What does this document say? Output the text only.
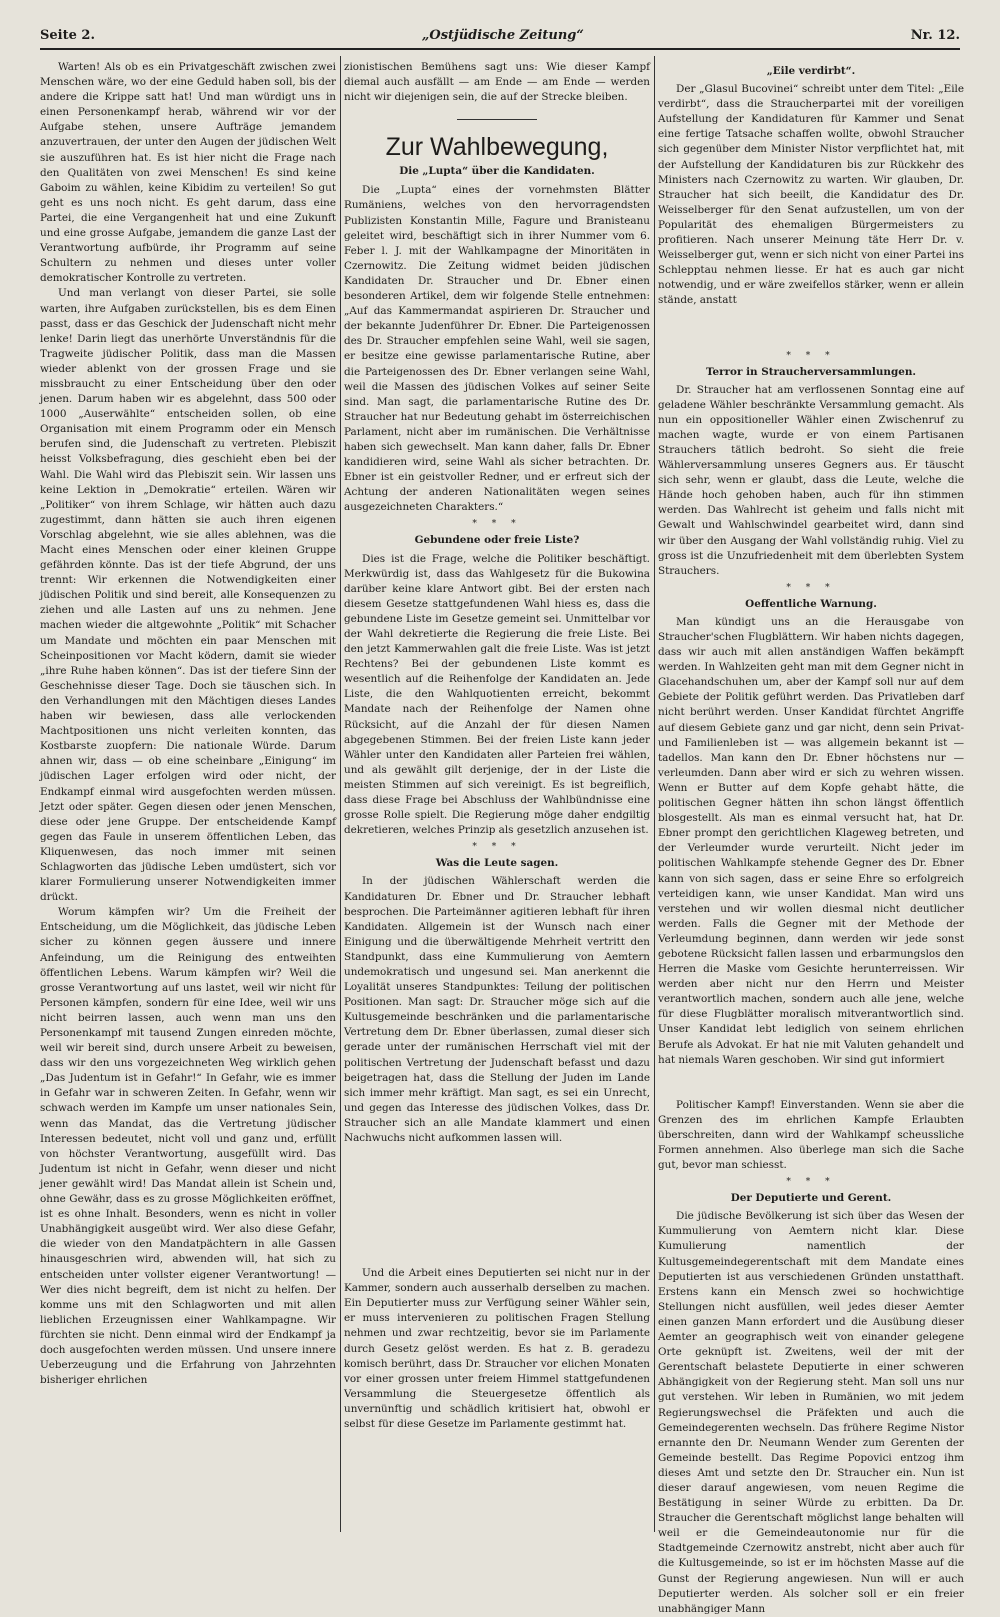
Seite 2.	„Ostjüdische Zeitung“	Nr. 12.

Warten! Als ob es ein Privatgeschäft zwischen zwei Menschen wäre, wo der eine Geduld haben soll, bis der andere die Krippe satt hat! Und man würdigt uns in einen Personenkampf herab, während wir vor der Aufgabe stehen, unsere Aufträge jemandem anzuvertrauen, der unter den Augen der jüdischen Welt sie auszuführen hat. Es ist hier nicht die Frage nach den Qualitäten von zwei Menschen! Es sind keine Gaboim zu wählen, keine Kibidim zu verteilen! So gut geht es uns noch nicht. Es geht darum, dass eine Partei, die eine Vergangenheit hat und eine Zukunft und eine grosse Aufgabe, jemandem die ganze Last der Verantwortung aufbürde, ihr Programm auf seine Schultern zu nehmen und dieses unter voller demokratischer Kontrolle zu vertreten.

Und man verlangt von dieser Partei, sie solle warten, ihre Aufgaben zurückstellen, bis es dem Einen passt, dass er das Geschick der Judenschaft nicht mehr lenke! Darin liegt das unerhörte Unverständnis für die Tragweite jüdischer Politik, dass man die Massen wieder ablenkt von der grossen Frage und sie missbraucht zu einer Entscheidung über den oder jenen. Darum haben wir es abgelehnt, dass 500 oder 1000 „Auserwählte“ entscheiden sollen, ob eine Organisation mit einem Programm oder ein Mensch berufen sind, die Judenschaft zu vertreten. Plebiszit heisst Volksbefragung, dies geschieht eben bei der Wahl. Die Wahl wird das Plebiszit sein. Wir lassen uns keine Lektion in „Demokratie“ erteilen. Wären wir „Politiker“ von ihrem Schlage, wir hätten auch dazu zugestimmt, dann hätten sie auch ihren eigenen Vorschlag abgelehnt, wie sie alles ablehnen, was die Macht eines Menschen oder einer kleinen Gruppe gefährden könnte. Das ist der tiefe Abgrund, der uns trennt: Wir erkennen die Notwendigkeiten einer jüdischen Politik und sind bereit, alle Konsequenzen zu ziehen und alle Lasten auf uns zu nehmen. Jene machen wieder die altgewohnte „Politik“ mit Schacher um Mandate und möchten ein paar Menschen mit Scheinpositionen vor Macht ködern, damit sie wieder „ihre Ruhe haben können“. Das ist der tiefere Sinn der Geschehnisse dieser Tage. Doch sie täuschen sich. In den Verhandlungen mit den Mächtigen dieses Landes haben wir bewiesen, dass alle verlockenden Machtpositionen uns nicht verleiten konnten, das Kostbarste zuopfern: Die nationale Würde. Darum ahnen wir, dass — ob eine scheinbare „Einigung“ im jüdischen Lager erfolgen wird oder nicht, der Endkampf einmal wird ausgefochten werden müssen. Jetzt oder später. Gegen diesen oder jenen Menschen, diese oder jene Gruppe. Der entscheidende Kampf gegen das Faule in unserem öffentlichen Leben, das Kliquenwesen, das noch immer mit seinen Schlagworten das jüdische Leben umdüstert, sich vor klarer Formulierung unserer Notwendigkeiten immer drückt.

Worum kämpfen wir? Um die Freiheit der Entscheidung, um die Möglichkeit, das jüdische Leben sicher zu können gegen äussere und innere Anfeindung, um die Reinigung des entweihten öffentlichen Lebens. Warum kämpfen wir? Weil die grosse Verantwortung auf uns lastet, weil wir nicht für Personen kämpfen, sondern für eine Idee, weil wir uns nicht beirren lassen, auch wenn man uns den Personenkampf mit tausend Zungen einreden möchte, weil wir bereit sind, durch unsere Arbeit zu beweisen, dass wir den uns vorgezeichneten Weg wirklich gehen „Das Judentum ist in Gefahr!“ In Gefahr, wie es immer in Gefahr war in schweren Zeiten. In Gefahr, wenn wir schwach werden im Kampfe um unser nationales Sein, wenn das Mandat, das die Vertretung jüdischer Interessen bedeutet, nicht voll und ganz und, erfüllt von höchster Verantwortung, ausgefüllt wird. Das Judentum ist nicht in Gefahr, wenn dieser und nicht jener gewählt wird! Das Mandat allein ist Schein und, ohne Gewähr, dass es zu grosse Möglichkeiten eröffnet, ist es ohne Inhalt. Besonders, wenn es nicht in voller Unabhängigkeit ausgeübt wird. Wer also diese Gefahr, die wieder von den Mandatpächtern in alle Gassen hinausgeschrien wird, abwenden will, hat sich zu entscheiden unter vollster eigener Verantwortung! — Wer dies nicht begreift, dem ist nicht zu helfen. Der komme uns mit den Schlagworten und mit allen lieblichen Erzeugnissen einer Wahlkampagne. Wir fürchten sie nicht. Denn einmal wird der Endkampf ja doch ausgefochten werden müssen. Und unsere innere Ueberzeugung und die Erfahrung von Jahrzehnten bisheriger ehrlichen

zionistischen Bemühens sagt uns: Wie dieser Kampf diemal auch ausfällt — am Ende — am Ende — werden nicht wir diejenigen sein, die auf der Strecke bleiben.

Zur Wahlbewegung,
Die „Lupta“ über die Kandidaten.

Die „Lupta“ eines der vornehmsten Blätter Rumäniens, welches von den hervorragendsten Publizisten Konstantin Mille, Fagure und Branisteanu geleitet wird, beschäftigt sich in ihrer Nummer vom 6. Feber l. J. mit der Wahlkampagne der Minoritäten in Czernowitz. Die Zeitung widmet beiden jüdischen Kandidaten Dr. Straucher und Dr. Ebner einen besonderen Artikel, dem wir folgende Stelle entnehmen: „Auf das Kammermandat aspirieren Dr. Straucher und der bekannte Judenführer Dr. Ebner. Die Parteigenossen des Dr. Straucher empfehlen seine Wahl, weil sie sagen, er besitze eine gewisse parlamentarische Rutine, aber die Parteigenossen des Dr. Ebner verlangen seine Wahl, weil die Massen des jüdischen Volkes auf seiner Seite sind. Man sagt, die parlamentarische Rutine des Dr. Straucher hat nur Bedeutung gehabt im österreichischen Parlament, nicht aber im rumänischen. Die Verhältnisse haben sich gewechselt. Man kann daher, falls Dr. Ebner kandidieren wird, seine Wahl als sicher betrachten. Dr. Ebner ist ein geistvoller Redner, und er erfreut sich der Achtung der anderen Nationalitäten wegen seines ausgezeichneten Charakters.“

* * *
Gebundene oder freie Liste?

Dies ist die Frage, welche die Politiker beschäftigt. Merkwürdig ist, dass das Wahlgesetz für die Bukowina darüber keine klare Antwort gibt. Bei der ersten nach diesem Gesetze stattgefundenen Wahl hiess es, dass die gebundene Liste im Gesetze gemeint sei. Unmittelbar vor der Wahl dekretierte die Regierung die freie Liste. Bei den jetzt Kammerwahlen galt die freie Liste. Was ist jetzt Rechtens? Bei der gebundenen Liste kommt es wesentlich auf die Reihenfolge der Kandidaten an. Jede Liste, die den Wahlquotienten erreicht, bekommt Mandate nach der Reihenfolge der Namen ohne Rücksicht, auf die Anzahl der für diesen Namen abgegebenen Stimmen. Bei der freien Liste kann jeder Wähler unter den Kandidaten aller Parteien frei wählen, und als gewählt gilt derjenige, der in der Liste die meisten Stimmen auf sich vereinigt. Es ist begreiflich, dass diese Frage bei Abschluss der Wahlbündnisse eine grosse Rolle spielt. Die Regierung möge daher endgiltig dekretieren, welches Prinzip als gesetzlich anzusehen ist.

* * *
Was die Leute sagen.

In der jüdischen Wählerschaft werden die Kandidaturen Dr. Ebner und Dr. Straucher lebhaft besprochen. Die Parteimänner agitieren lebhaft für ihren Kandidaten. Allgemein ist der Wunsch nach einer Einigung und die überwältigende Mehrheit vertritt den Standpunkt, dass eine Kummulierung von Aemtern undemokratisch und ungesund sei. Man anerkennt die Loyalität unseres Standpunktes: Teilung der politischen Positionen. Man sagt: Dr. Straucher möge sich auf die Kultusgemeinde beschränken und die parlamentarische Vertretung dem Dr. Ebner überlassen, zumal dieser sich gerade unter der rumänischen Herrschaft viel mit der politischen Vertretung der Judenschaft befasst und dazu beigetragen hat, dass die Stellung der Juden im Lande sich immer mehr kräftigt. Man sagt, es sei ein Unrecht, und gegen das Interesse des jüdischen Volkes, dass Dr. Straucher sich an alle Mandate klammert und einen Nachwuchs nicht aufkommen lassen will.

Und die Arbeit eines Deputierten sei nicht nur in der Kammer, sondern auch ausserhalb derselben zu machen. Ein Deputierter muss zur Verfügung seiner Wähler sein, er muss intervenieren zu politischen Fragen Stellung nehmen und zwar rechtzeitig, bevor sie im Parlamente durch Gesetz gelöst werden. Es hat z. B. geradezu komisch berührt, dass Dr. Straucher vor elichen Monaten vor einer grossen unter freiem Himmel stattgefundenen Versammlung die Steuergesetze öffentlich als unvernünftig und schädlich kritisiert hat, obwohl er selbst für diese Gesetze im Parlamente gestimmt hat.

„Eile verdirbt“.

Der „Glasul Bucovinei“ schreibt unter dem Titel: „Eile verdirbt“, dass die Straucherpartei mit der voreiligen Aufstellung der Kandidaturen für Kammer und Senat eine fertige Tatsache schaffen wollte, obwohl Straucher sich gegenüber dem Minister Nistor verpflichtet hat, mit der Aufstellung der Kandidaturen bis zur Rückkehr des Ministers nach Czernowitz zu warten. Wir glauben, Dr. Straucher hat sich beeilt, die Kandidatur des Dr. Weisselberger für den Senat aufzustellen, um von der Popularität des ehemaligen Bürgermeisters zu profitieren. Nach unserer Meinung täte Herr Dr. v. Weisselberger gut, wenn er sich nicht von einer Partei ins Schlepptau nehmen liesse. Er hat es auch gar nicht notwendig, und er wäre zweifellos stärker, wenn er allein stände, anstatt

* * *
Terror in Straucherversammlungen.

Dr. Straucher hat am verflossenen Sonntag eine auf geladene Wähler beschränkte Versammlung gemacht. Als nun ein oppositioneller Wähler einen Zwischenruf zu machen wagte, wurde er von einem Partisanen Strauchers tätlich bedroht. So sieht die freie Wählerversammlung unseres Gegners aus. Er täuscht sich sehr, wenn er glaubt, dass die Leute, welche die Hände hoch gehoben haben, auch für ihn stimmen werden. Das Wahlrecht ist geheim und falls nicht mit Gewalt und Wahlschwindel gearbeitet wird, dann sind wir über den Ausgang der Wahl vollständig ruhig. Viel zu gross ist die Unzufriedenheit mit dem überlebten System Strauchers.

* * *
Oeffentliche Warnung.

Man kündigt uns an die Herausgabe von Straucher'schen Flugblättern. Wir haben nichts dagegen, dass wir auch mit allen anständigen Waffen bekämpft werden. In Wahlzeiten geht man mit dem Gegner nicht in Glacehandschuhen um, aber der Kampf soll nur auf dem Gebiete der Politik geführt werden. Das Privatleben darf nicht berührt werden. Unser Kandidat fürchtet Angriffe auf diesem Gebiete ganz und gar nicht, denn sein Privat- und Familienleben ist — was allgemein bekannt ist — tadellos. Man kann den Dr. Ebner höchstens nur — verleumden. Dann aber wird er sich zu wehren wissen. Wenn er Butter auf dem Kopfe gehabt hätte, die politischen Gegner hätten ihn schon längst öffentlich blosgestellt. Als man es einmal versucht hat, hat Dr. Ebner prompt den gerichtlichen Klageweg betreten, und der Verleumder wurde verurteilt. Nicht jeder im politischen Wahlkampfe stehende Gegner des Dr. Ebner kann von sich sagen, dass er seine Ehre so erfolgreich verteidigen kann, wie unser Kandidat. Man wird uns verstehen und wir wollen diesmal nicht deutlicher werden. Falls die Gegner mit der Methode der Verleumdung beginnen, dann werden wir jede sonst gebotene Rücksicht fallen lassen und erbarmungslos den Herren die Maske vom Gesichte herunterreissen. Wir werden aber nicht nur den Herrn und Meister verantwortlich machen, sondern auch alle jene, welche für diese Flugblätter moralisch mitverantwortlich sind. Unser Kandidat lebt lediglich von seinem ehrlichen Berufe als Advokat. Er hat nie mit Valuten gehandelt und hat niemals Waren geschoben. Wir sind gut informiert

Politischer Kampf! Einverstanden. Wenn sie aber die Grenzen des im ehrlichen Kampfe Erlaubten überschreiten, dann wird der Wahlkampf scheussliche Formen annehmen. Also überlege man sich die Sache gut, bevor man schiesst.

* * *
Der Deputierte und Gerent.

Die jüdische Bevölkerung ist sich über das Wesen der Kummulierung von Aemtern nicht klar. Diese Kumulierung namentlich der Kultusgemeindegerentschaft mit dem Mandate eines Deputierten ist aus verschiedenen Gründen unstatthaft. Erstens kann ein Mensch zwei so hochwichtige Stellungen nicht ausfüllen, weil jedes dieser Aemter einen ganzen Mann erfordert und die Ausübung dieser Aemter an geographisch weit von einander gelegene Orte geknüpft ist. Zweitens, weil der mit der Gerentschaft belastete Deputierte in einer schweren Abhängigkeit von der Regierung steht. Man soll uns nur gut verstehen. Wir leben in Rumänien, wo mit jedem Regierungswechsel die Präfekten und auch die Gemeindegerenten wechseln. Das frühere Regime Nistor ernannte den Dr. Neumann Wender zum Gerenten der Gemeinde bestellt. Das Regime Popovici entzog ihm dieses Amt und setzte den Dr. Straucher ein. Nun ist dieser darauf angewiesen, vom neuen Regime die Bestätigung in seiner Würde zu erbitten. Da Dr. Straucher die Gerentschaft möglichst lange behalten will weil er die Gemeindeautonomie nur für die Stadtgemeinde Czernowitz anstrebt, nicht aber auch für die Kultusgemeinde, so ist er im höchsten Masse auf die Gunst der Regierung angewiesen. Nun will er auch Deputierter werden. Als solcher soll er ein freier unabhängiger Mann
